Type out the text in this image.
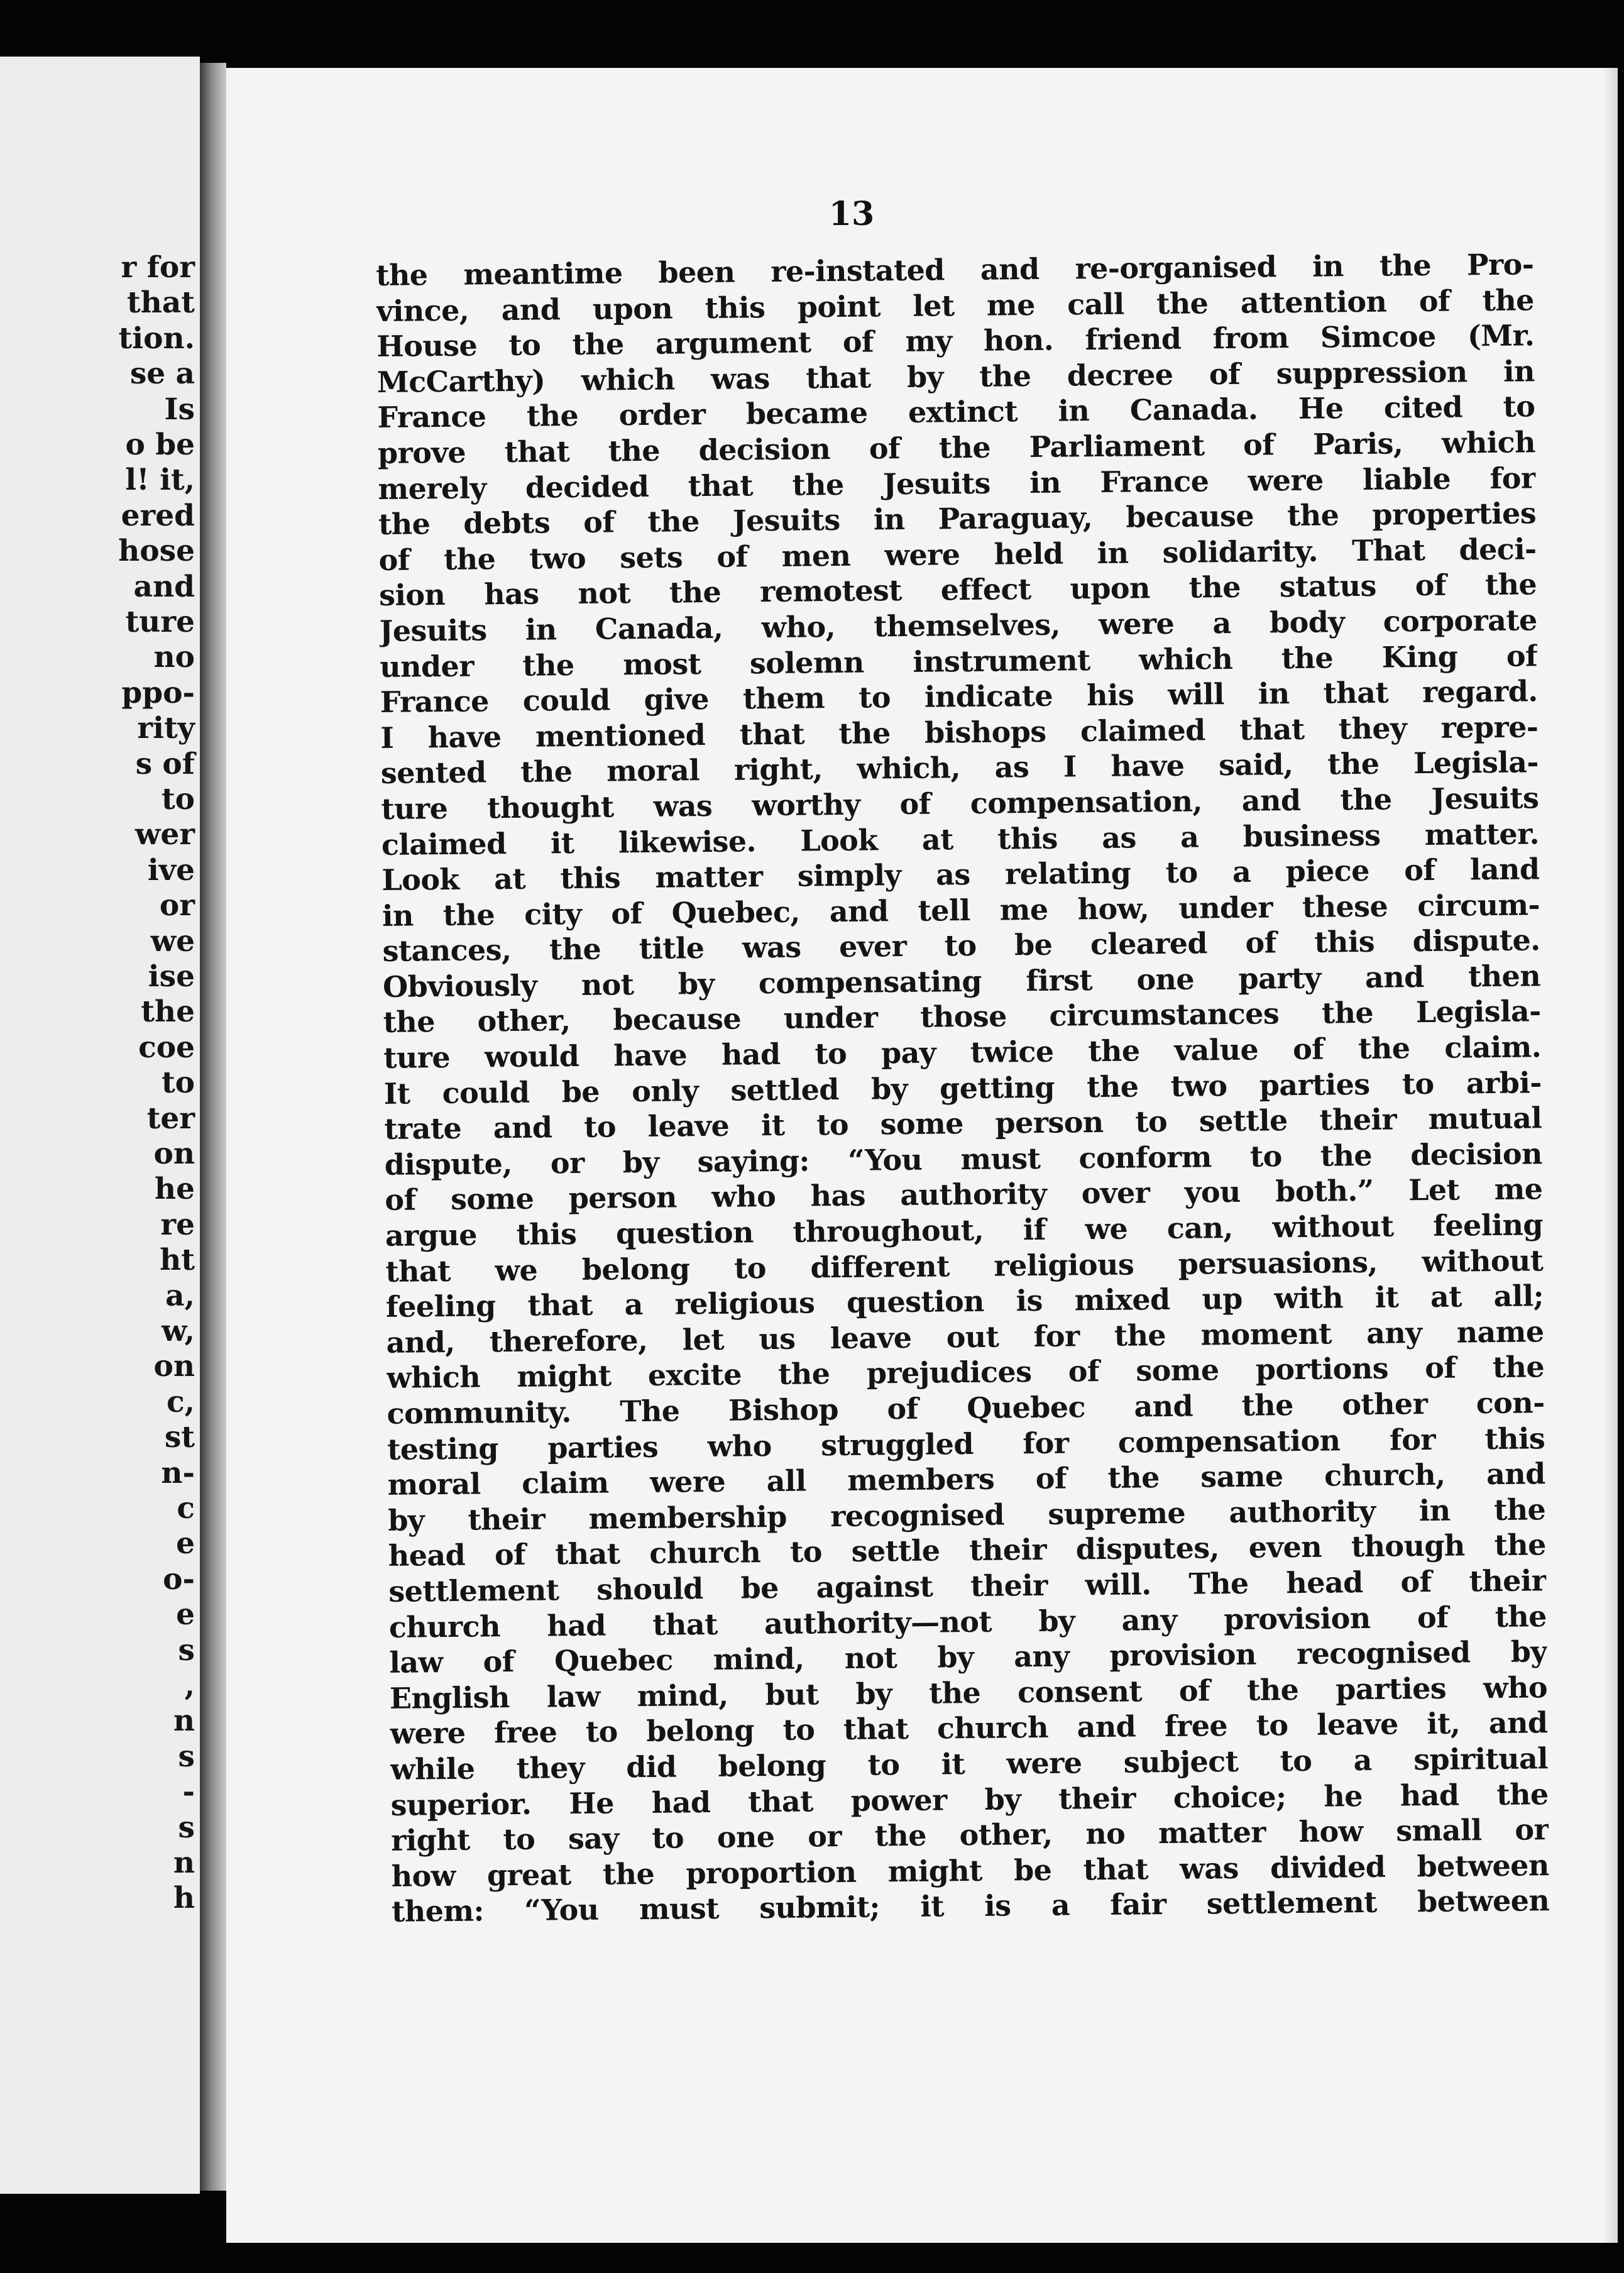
r for
that
tion.
se a
Is
o be
l! it,
ered
hose
and
ture
no
ppo-
rity
s of
to
wer
ive
or
we
ise
the
coe
to
ter
on
he
re
ht
a,
w,
on
c,
st
n-
c
e
o-
e
s
,
n
s
-
s
n
h

13

the meantime been re-instated and re-organised in the Pro-
vince, and upon this point let me call the attention of the
House to the argument of my hon. friend from Simcoe (Mr.
McCarthy) which was that by the decree of suppression in
France the order became extinct in Canada. He cited to
prove that the decision of the Parliament of Paris, which
merely decided that the Jesuits in France were liable for
the debts of the Jesuits in Paraguay, because the properties
of the two sets of men were held in solidarity. That deci-
sion has not the remotest effect upon the status of the
Jesuits in Canada, who, themselves, were a body corporate
under the most solemn instrument which the King of
France could give them to indicate his will in that regard.
I have mentioned that the bishops claimed that they repre-
sented the moral right, which, as I have said, the Legisla-
ture thought was worthy of compensation, and the Jesuits
claimed it likewise. Look at this as a business matter.
Look at this matter simply as relating to a piece of land
in the city of Quebec, and tell me how, under these circum-
stances, the title was ever to be cleared of this dispute.
Obviously not by compensating first one party and then
the other, because under those circumstances the Legisla-
ture would have had to pay twice the value of the claim.
It could be only settled by getting the two parties to arbi-
trate and to leave it to some person to settle their mutual
dispute, or by saying: “You must conform to the decision
of some person who has authority over you both.” Let me
argue this question throughout, if we can, without feeling
that we belong to different religious persuasions, without
feeling that a religious question is mixed up with it at all;
and, therefore, let us leave out for the moment any name
which might excite the prejudices of some portions of the
community. The Bishop of Quebec and the other con-
testing parties who struggled for compensation for this
moral claim were all members of the same church, and
by their membership recognised supreme authority in the
head of that church to settle their disputes, even though the
settlement should be against their will. The head of their
church had that authority—not by any provision of the
law of Quebec mind, not by any provision recognised by
English law mind, but by the consent of the parties who
were free to belong to that church and free to leave it, and
while they did belong to it were subject to a spiritual
superior. He had that power by their choice; he had the
right to say to one or the other, no matter how small or
how great the proportion might be that was divided between
them: “You must submit; it is a fair settlement between
